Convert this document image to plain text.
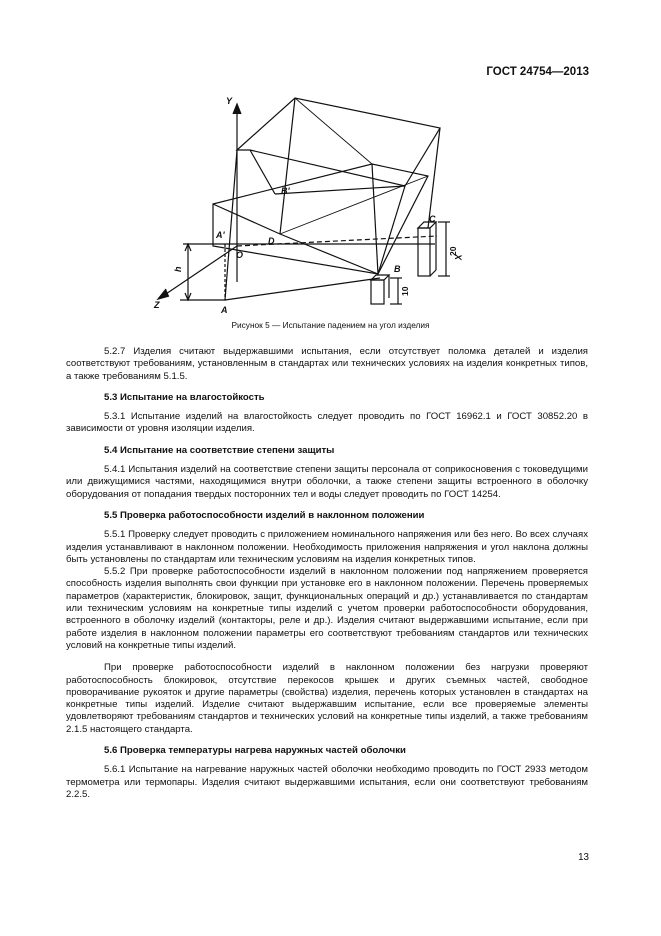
ГОСТ 24754—2013
Y
X
Z
A'
B'
O
D
h
A
B
C
20
10
Рисунок 5 — Испытание падением на угол изделия

5.2.7 Изделия считают выдержавшими испытания, если отсутствует поломка деталей и изделия соответствуют требованиям, установленным в стандартах или технических условиях на изделия конкретных типов, а также требованиям 5.1.5.

5.3 Испытание на влагостойкость

5.3.1 Испытание изделий на влагостойкость следует проводить по ГОСТ 16962.1 и ГОСТ 30852.20 в зависимости от уровня изоляции изделия.

5.4 Испытание на соответствие степени защиты

5.4.1 Испытания изделий на соответствие степени защиты персонала от соприкосновения с токоведущими или движущимися частями, находящимися внутри оболочки, а также степени защиты встроенного в оболочку оборудования от попадания твердых посторонних тел и воды следует проводить по ГОСТ 14254.

5.5 Проверка работоспособности изделий в наклонном положении

5.5.1 Проверку следует проводить с приложением номинального напряжения или без него. Во всех случаях изделия устанавливают в наклонном положении. Необходимость приложения напряжения и угол наклона должны быть установлены по стандартам или техническим условиям на изделия конкретных типов.

5.5.2 При проверке работоспособности изделий в наклонном положении под напряжением проверяется способность изделия выполнять свои функции при установке его в наклонном положении. Перечень проверяемых параметров (характеристик, блокировок, защит, функциональных операций и др.) устанавливается по стандартам или техническим условиям на конкретные типы изделий с учетом проверки работоспособности оборудования, встроенного в оболочку изделий (контакторы, реле и др.). Изделия считают выдержавшими испытание, если при работе изделия в наклонном положении параметры его соответствуют требованиям стандартов или технических условий на конкретные типы изделий.

При проверке работоспособности изделий в наклонном положении без нагрузки проверяют работоспособность блокировок, отсутствие перекосов крышек и других съемных частей, свободное проворачивание рукояток и другие параметры (свойства) изделия, перечень которых установлен в стандартах на конкретные типы изделий. Изделие считают выдержавшим испытание, если все проверяемые элементы удовлетворяют требованиям стандартов и технических условий на конкретные типы изделий, а также требованиям 2.1.5 настоящего стандарта.

5.6 Проверка температуры нагрева наружных частей оболочки

5.6.1 Испытание на нагревание наружных частей оболочки необходимо проводить по ГОСТ 2933 методом термометра или термопары. Изделия считают выдержавшими испытания, если они соответствуют требованиям 2.2.5.

13
